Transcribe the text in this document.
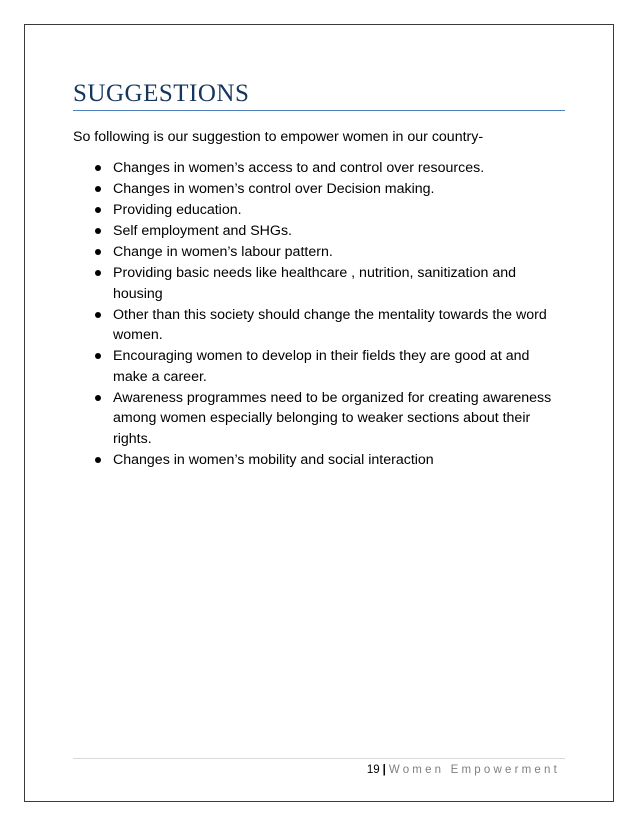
SUGGESTIONS

So following is our suggestion to empower women in our country-

Changes in women’s access to and control over resources.
Changes in women’s control over Decision making.
Providing education.
Self employment and SHGs.
Change in women’s labour pattern.
Providing basic needs like healthcare , nutrition, sanitization and housing
Other than this society should change the mentality towards the word women.
Encouraging women to develop in their fields they are good at and make a career.
Awareness programmes need to be organized for creating awareness among women especially belonging to weaker sections about their rights.
Changes in women’s mobility and social interaction
19 | Women Empowerment
